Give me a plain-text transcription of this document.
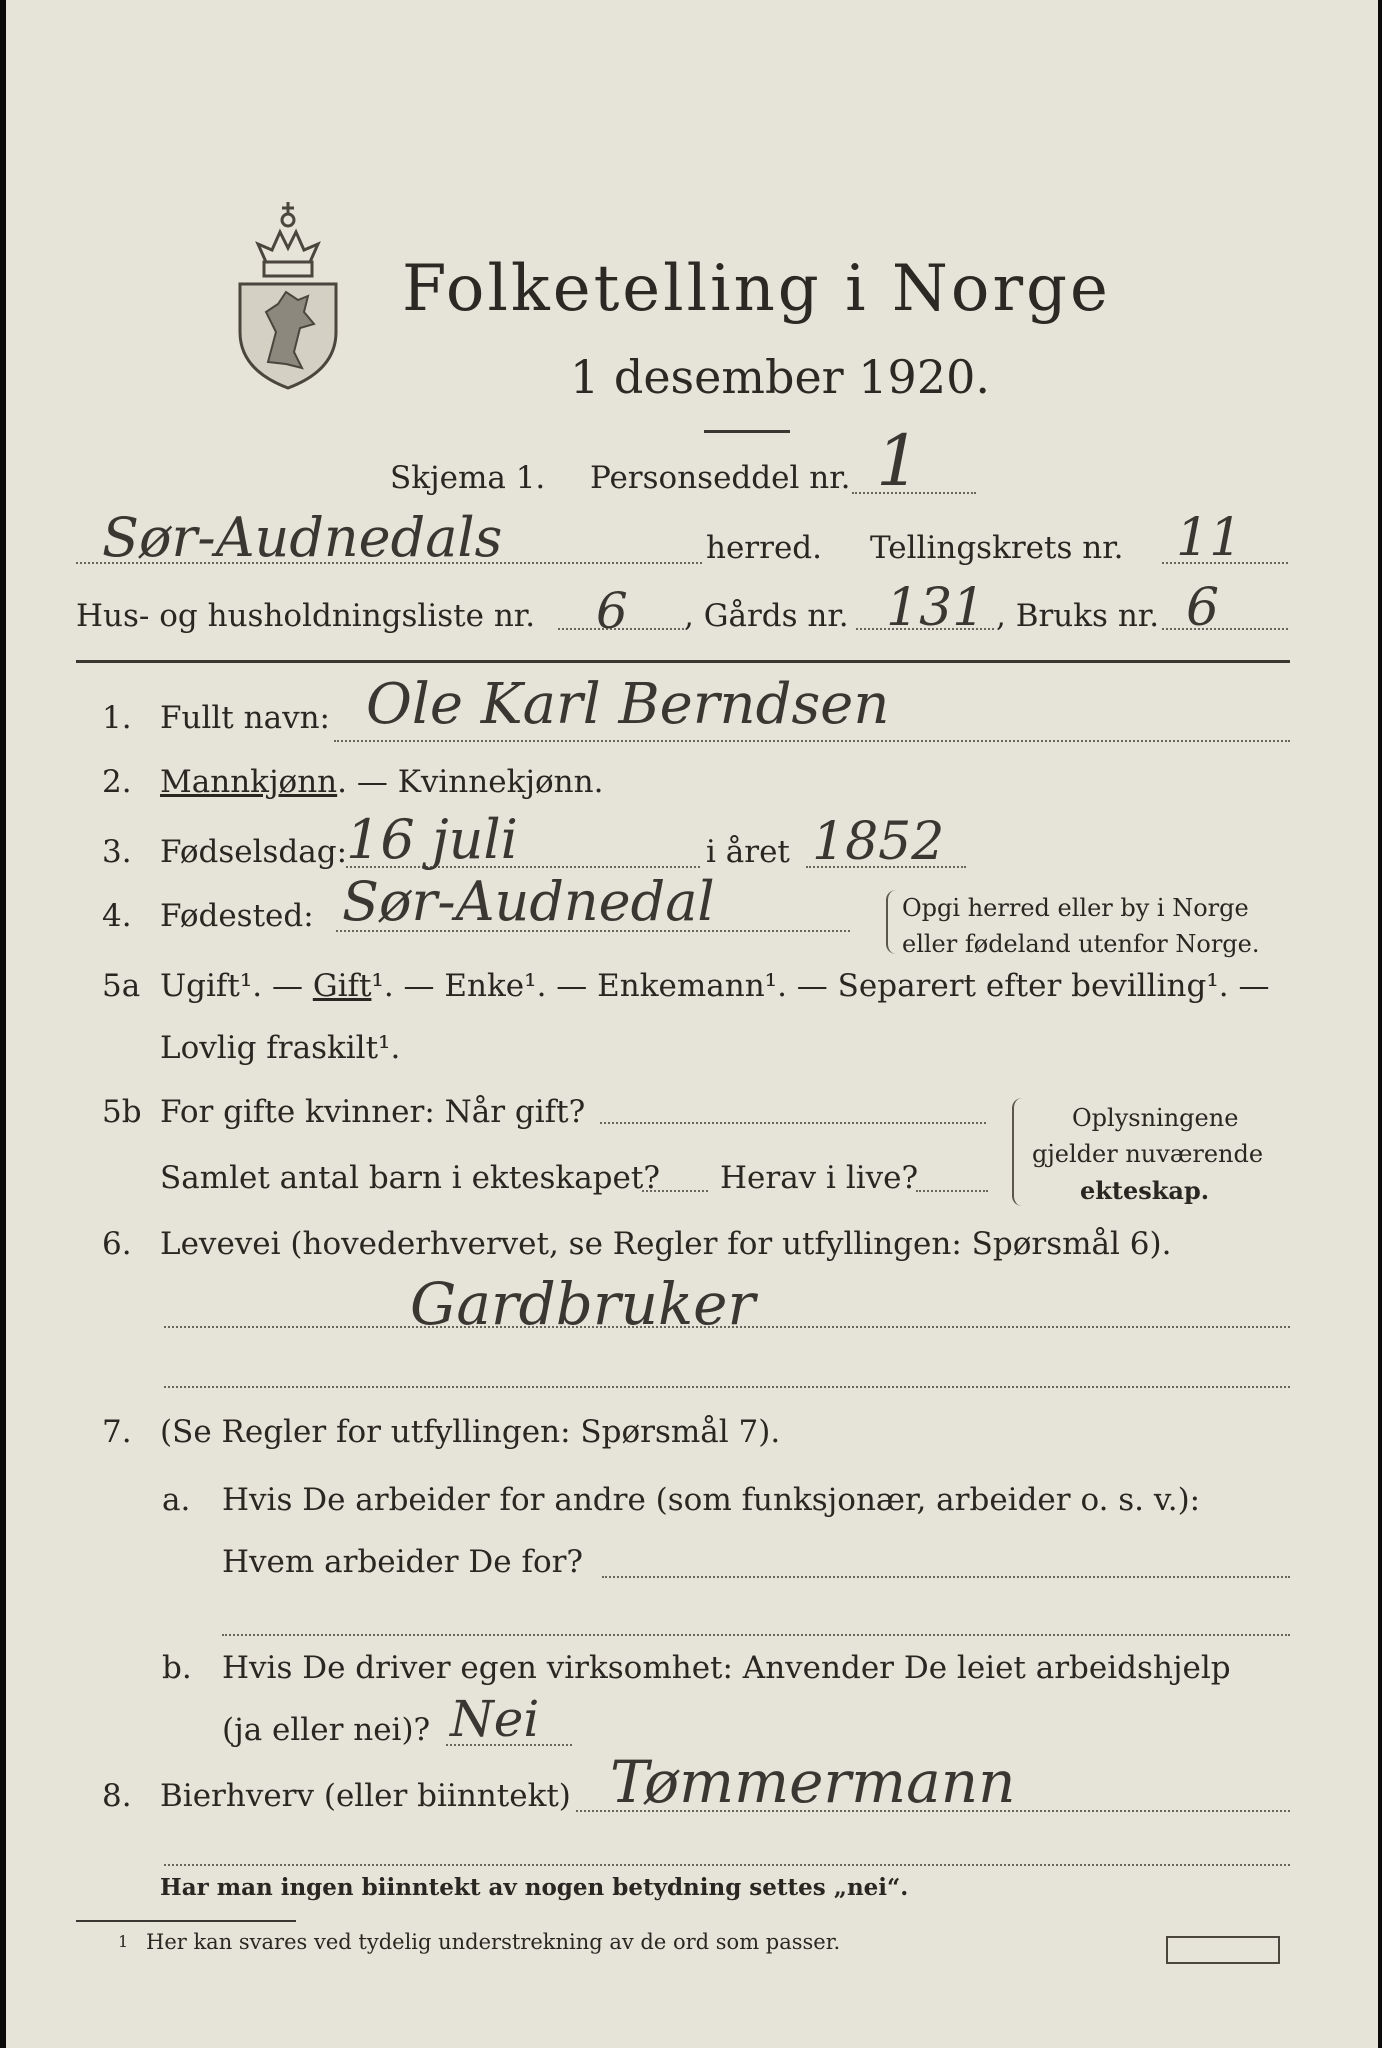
Folketelling i Norge
1 desember 1920.
Skjema 1. Personseddel nr. 1
Sør-Audnedals	herred. Tellingskrets nr. 11
Hus- og husholdningsliste nr. 6 , Gårds nr. 131 , Bruks nr. 6
1. Fullt navn: Ole Karl Berndsen
2. Mannkjønn. — Kvinnekjønn.
3. Fødselsdag:
16 juli	i året 1852
4. Fødested: Sør-Audnedal	Opgi herred eller by i Norge
eller fødeland utenfor Norge.
5a Ugift¹. — Gift¹. — Enke¹. — Enkemann¹. — Separert efter bevilling¹. —
Lovlig fraskilt¹.
5b For gifte kvinner: Når gift?
Samlet antal barn i ekteskapet? Herav i live?
Oplysningene
gjelder nuværende
ekteskap.
6. Levevei (hovederhvervet, se Regler for utfyllingen: Spørsmål 6).
Gardbruker
7. (Se Regler for utfyllingen: Spørsmål 7).
a. Hvis De arbeider for andre (som funksjonær, arbeider o. s. v.):
Hvem arbeider De for?
b. Hvis De driver egen virksomhet: Anvender De leiet arbeidshjelp
(ja eller nei)? Nei
8. Bierhverv (eller biinntekt) Tømmermann
Har man ingen biinntekt av nogen betydning settes „nei“.
1 Her kan svares ved tydelig understrekning av de ord som passer.
